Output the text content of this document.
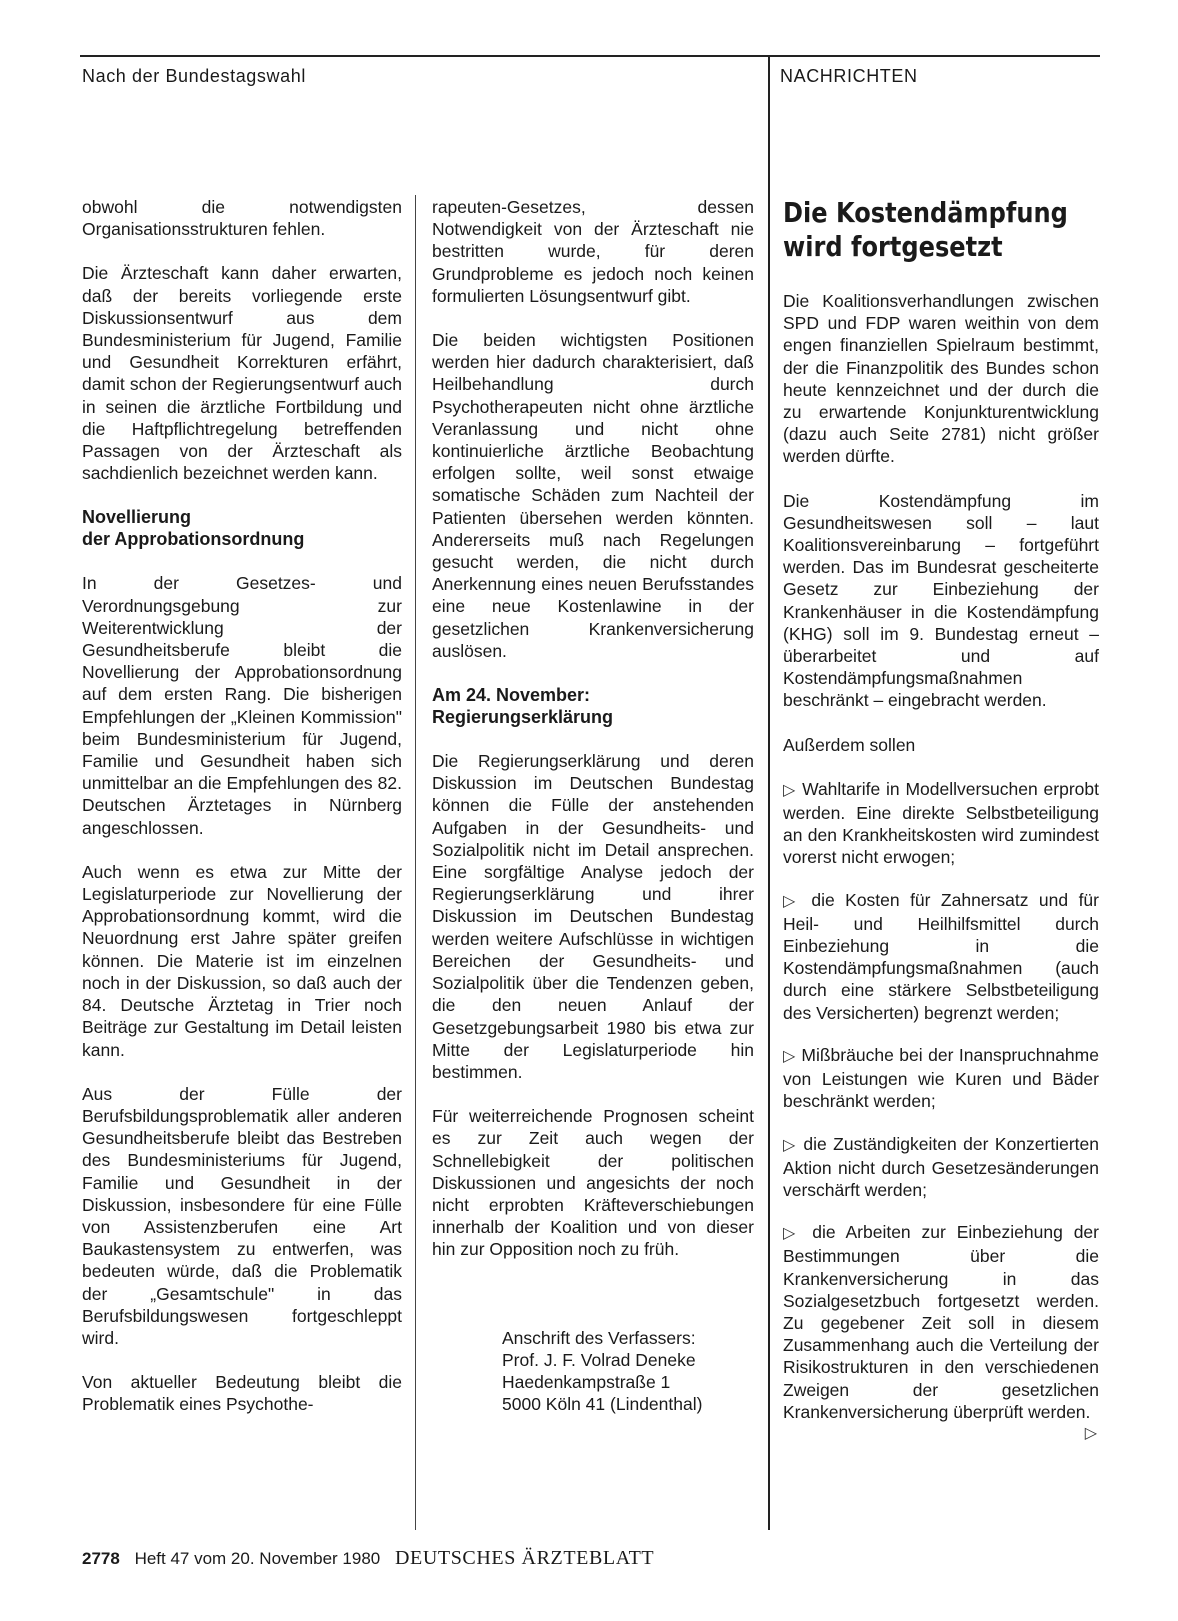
Nach der Bundestagswahl	NACHRICHTEN

obwohl die notwendigsten Organisationsstrukturen fehlen.

Die Ärzteschaft kann daher erwarten, daß der bereits vorliegende erste Diskussionsentwurf aus dem Bundesministerium für Jugend, Familie und Gesundheit Korrekturen erfährt, damit schon der Regierungsentwurf auch in seinen die ärztliche Fortbildung und die Haftpflichtregelung betreffenden Passagen von der Ärzteschaft als sachdienlich bezeichnet werden kann.

Novellierung
der Approbationsordnung

In der Gesetzes- und Verordnungsgebung zur Weiterentwicklung der Gesundheitsberufe bleibt die Novellierung der Approbationsordnung auf dem ersten Rang. Die bisherigen Empfehlungen der „Kleinen Kommission" beim Bundesministerium für Jugend, Familie und Gesundheit haben sich unmittelbar an die Empfehlungen des 82. Deutschen Ärztetages in Nürnberg angeschlossen.

Auch wenn es etwa zur Mitte der Legislaturperiode zur Novellierung der Approbationsordnung kommt, wird die Neuordnung erst Jahre später greifen können. Die Materie ist im einzelnen noch in der Diskussion, so daß auch der 84. Deutsche Ärztetag in Trier noch Beiträge zur Gestaltung im Detail leisten kann.

Aus der Fülle der Berufsbildungsproblematik aller anderen Gesundheitsberufe bleibt das Bestreben des Bundesministeriums für Jugend, Familie und Gesundheit in der Diskussion, insbesondere für eine Fülle von Assistenzberufen eine Art Baukastensystem zu entwerfen, was bedeuten würde, daß die Problematik der „Gesamtschule" in das Berufsbildungswesen fortgeschleppt wird.

Von aktueller Bedeutung bleibt die Problematik eines Psychothe-

rapeuten-Gesetzes, dessen Notwendigkeit von der Ärzteschaft nie bestritten wurde, für deren Grundprobleme es jedoch noch keinen formulierten Lösungsentwurf gibt.

Die beiden wichtigsten Positionen werden hier dadurch charakterisiert, daß Heilbehandlung durch Psychotherapeuten nicht ohne ärztliche Veranlassung und nicht ohne kontinuierliche ärztliche Beobachtung erfolgen sollte, weil sonst etwaige somatische Schäden zum Nachteil der Patienten übersehen werden könnten. Andererseits muß nach Regelungen gesucht werden, die nicht durch Anerkennung eines neuen Berufsstandes eine neue Kostenlawine in der gesetzlichen Krankenversicherung auslösen.

Am 24. November:
Regierungserklärung

Die Regierungserklärung und deren Diskussion im Deutschen Bundestag können die Fülle der anstehenden Aufgaben in der Gesundheits- und Sozialpolitik nicht im Detail ansprechen. Eine sorgfältige Analyse jedoch der Regierungserklärung und ihrer Diskussion im Deutschen Bundestag werden weitere Aufschlüsse in wichtigen Bereichen der Gesundheits- und Sozialpolitik über die Tendenzen geben, die den neuen Anlauf der Gesetzgebungsarbeit 1980 bis etwa zur Mitte der Legislaturperiode hin bestimmen.

Für weiterreichende Prognosen scheint es zur Zeit auch wegen der Schnellebigkeit der politischen Diskussionen und angesichts der noch nicht erprobten Kräfteverschiebungen innerhalb der Koalition und von dieser hin zur Opposition noch zu früh.

Anschrift des Verfassers:
Prof. J. F. Volrad Deneke
Haedenkampstraße 1
5000 Köln 41 (Lindenthal)
Die Kostendämpfung
wird fortgesetzt

Die Koalitionsverhandlungen zwischen SPD und FDP waren weithin von dem engen finanziellen Spielraum bestimmt, der die Finanzpolitik des Bundes schon heute kennzeichnet und der durch die zu erwartende Konjunkturentwicklung (dazu auch Seite 2781) nicht größer werden dürfte.

Die Kostendämpfung im Gesundheitswesen soll – laut Koalitionsvereinbarung – fortgeführt werden. Das im Bundesrat gescheiterte Gesetz zur Einbeziehung der Krankenhäuser in die Kostendämpfung (KHG) soll im 9. Bundestag erneut – überarbeitet und auf Kostendämpfungsmaßnahmen beschränkt – eingebracht werden.

Außerdem sollen

▷ Wahltarife in Modellversuchen erprobt werden. Eine direkte Selbstbeteiligung an den Krankheitskosten wird zumindest vorerst nicht erwogen;

▷ die Kosten für Zahnersatz und für Heil- und Heilhilfsmittel durch Einbeziehung in die Kostendämpfungsmaßnahmen (auch durch eine stärkere Selbstbeteiligung des Versicherten) begrenzt werden;

▷ Mißbräuche bei der Inanspruchnahme von Leistungen wie Kuren und Bäder beschränkt werden;

▷ die Zuständigkeiten der Konzertierten Aktion nicht durch Gesetzesänderungen verschärft werden;

▷ die Arbeiten zur Einbeziehung der Bestimmungen über die Krankenversicherung in das Sozialgesetzbuch fortgesetzt werden. Zu gegebener Zeit soll in diesem Zusammenhang auch die Verteilung der Risikostrukturen in den verschiedenen Zweigen der gesetzlichen Krankenversicherung überprüft werden.
▷

2778 Heft 47 vom 20. November 1980 DEUTSCHES ÄRZTEBLATT
